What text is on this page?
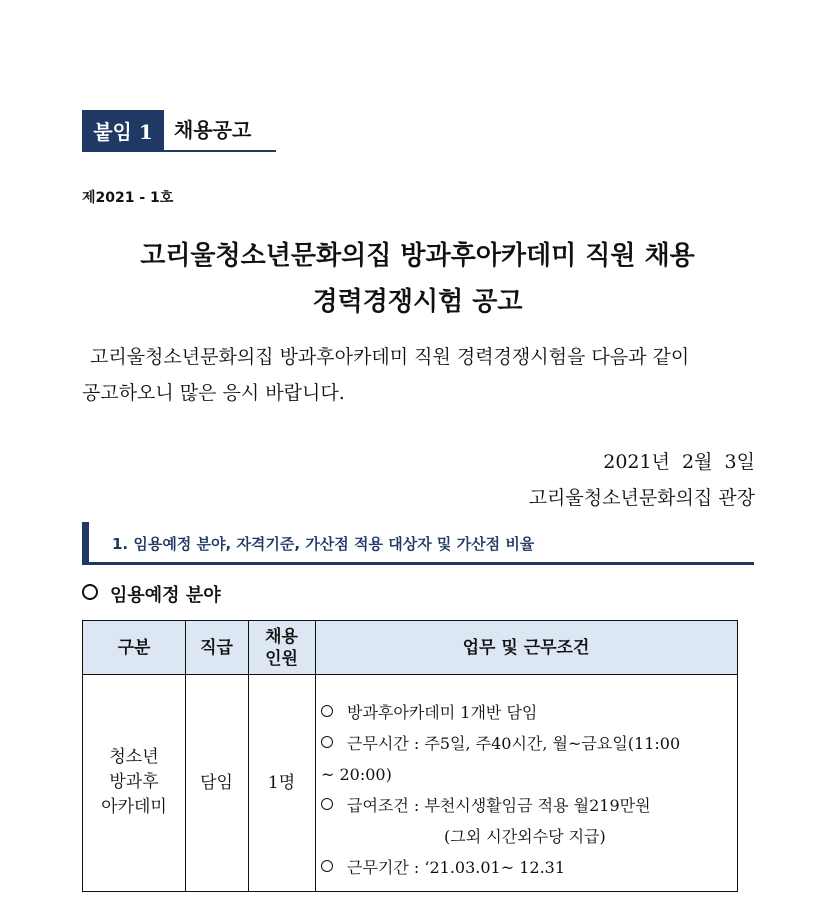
붙임 1 채용공고
제2021 - 1호
고리울청소년문화의집 방과후아카데미 직원 채용
경력경쟁시험 공고
고리울청소년문화의집 방과후아카데미 직원 경력경쟁시험을 다음과 같이
공고하오니 많은 응시 바랍니다.
2021년  2월  3일
고리울청소년문화의집 관장
1. 임용예정 분야, 자격기준, 가산점 적용 대상자 및 가산점 비율
임용예정 분야
구분	직급
채용
인원
업무 및 근무조건
청소년
방과후
아카데미
담임	1명
방과후아카데미 1개반 담임
근무시간 : 주5일, 주40시간, 월~금요일(11:00
~ 20:00)
급여조건 : 부천시생활임금 적용 월219만원
(그외 시간외수당 지급)
근무기간 : ‘21.03.01~ 12.31
